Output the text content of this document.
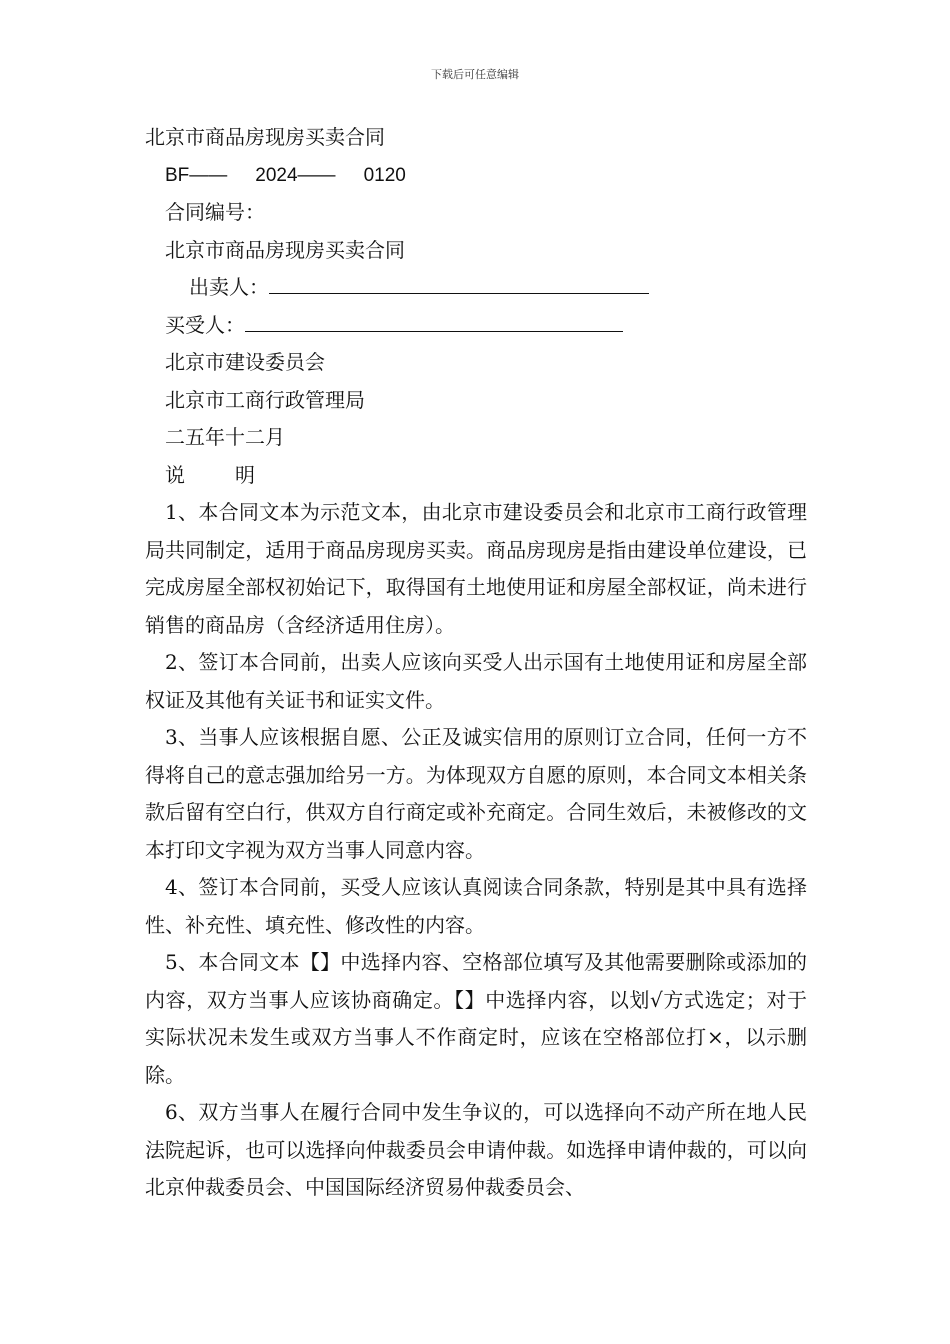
下载后可任意编辑
北京市商品房现房买卖合同
BF—— 2024—— 0120
合同编号：
北京市商品房现房买卖合同
出卖人：
买受人：
北京市建设委员会
北京市工商行政管理局
二五年十二月
说	明

1、本合同文本为示范文本，由北京市建设委员会和北京市工商行政管理局共同制定，适用于商品房现房买卖。商品房现房是指由建设单位建设，已完成房屋全部权初始记下，取得国有土地使用证和房屋全部权证，尚未进行销售的商品房（含经济适用住房）。

2、签订本合同前，出卖人应该向买受人出示国有土地使用证和房屋全部权证及其他有关证书和证实文件。

3、当事人应该根据自愿、公正及诚实信用的原则订立合同，任何一方不得将自己的意志强加给另一方。为体现双方自愿的原则，本合同文本相关条款后留有空白行，供双方自行商定或补充商定。合同生效后，未被修改的文本打印文字视为双方当事人同意内容。

4、签订本合同前，买受人应该认真阅读合同条款，特别是其中具有选择性、补充性、填充性、修改性的内容。

5、本合同文本【】中选择内容、空格部位填写及其他需要删除或添加的内容，双方当事人应该协商确定。【】中选择内容，以划√方式选定；对于实际状况未发生或双方当事人不作商定时，应该在空格部位打×，以示删除。

6、双方当事人在履行合同中发生争议的，可以选择向不动产所在地人民法院起诉，也可以选择向仲裁委员会申请仲裁。如选择申请仲裁的，可以向北京仲裁委员会、中国国际经济贸易仲裁委员会、
